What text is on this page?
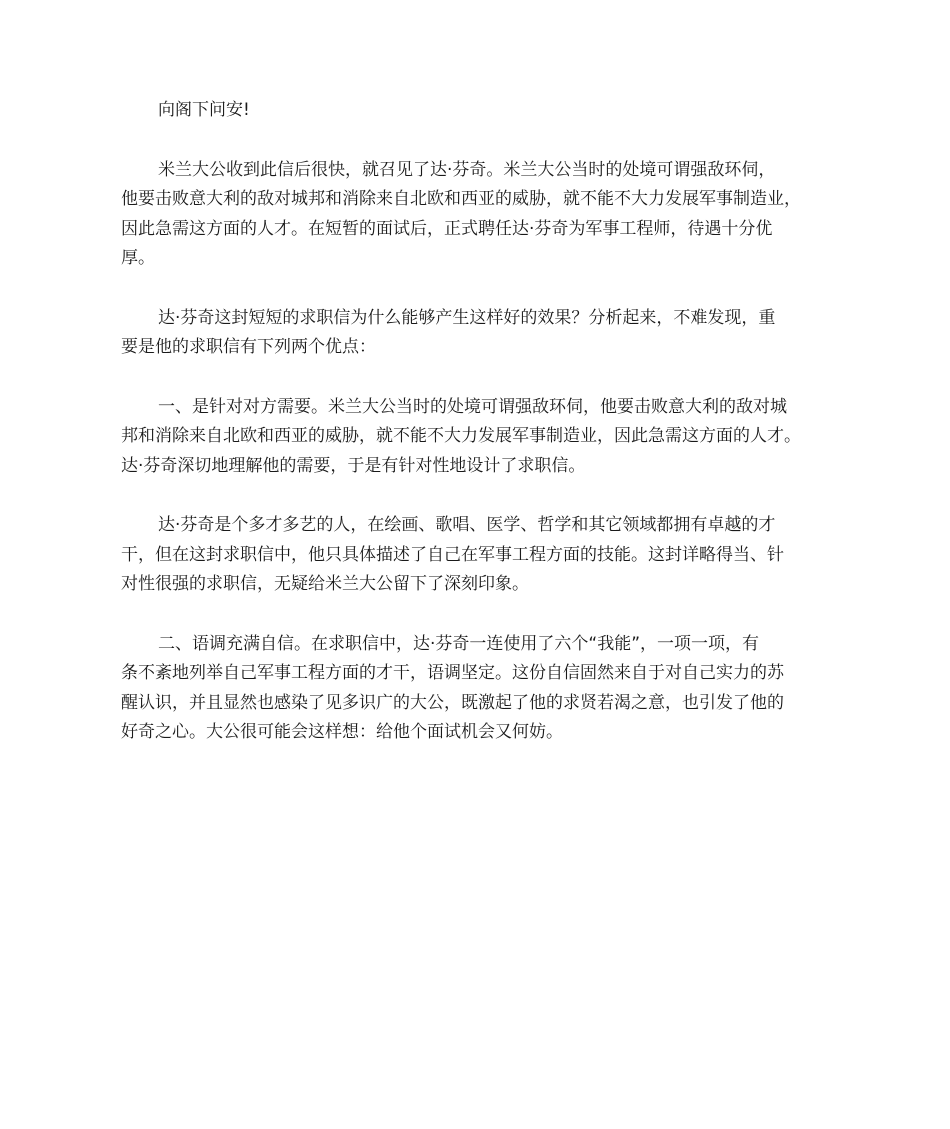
向阁下问安!
米兰大公收到此信后很快，就召见了达·芬奇。米兰大公当时的处境可谓强敌环伺，
他要击败意大利的敌对城邦和消除来自北欧和西亚的威胁，就不能不大力发展军事制造业，
因此急需这方面的人才。在短暂的面试后，正式聘任达·芬奇为军事工程师，待遇十分优
厚。
达·芬奇这封短短的求职信为什么能够产生这样好的效果？分析起来，不难发现，重
要是他的求职信有下列两个优点：
一、是针对对方需要。米兰大公当时的处境可谓强敌环伺，他要击败意大利的敌对城
邦和消除来自北欧和西亚的威胁，就不能不大力发展军事制造业，因此急需这方面的人才。
达·芬奇深切地理解他的需要，于是有针对性地设计了求职信。
达·芬奇是个多才多艺的人，在绘画、歌唱、医学、哲学和其它领域都拥有卓越的才
干，但在这封求职信中，他只具体描述了自己在军事工程方面的技能。这封详略得当、针
对性很强的求职信，无疑给米兰大公留下了深刻印象。
二、语调充满自信。在求职信中，达·芬奇一连使用了六个“我能”，一项一项，有
条不紊地列举自己军事工程方面的才干，语调坚定。这份自信固然来自于对自己实力的苏
醒认识，并且显然也感染了见多识广的大公，既激起了他的求贤若渴之意，也引发了他的
好奇之心。大公很可能会这样想：给他个面试机会又何妨。
